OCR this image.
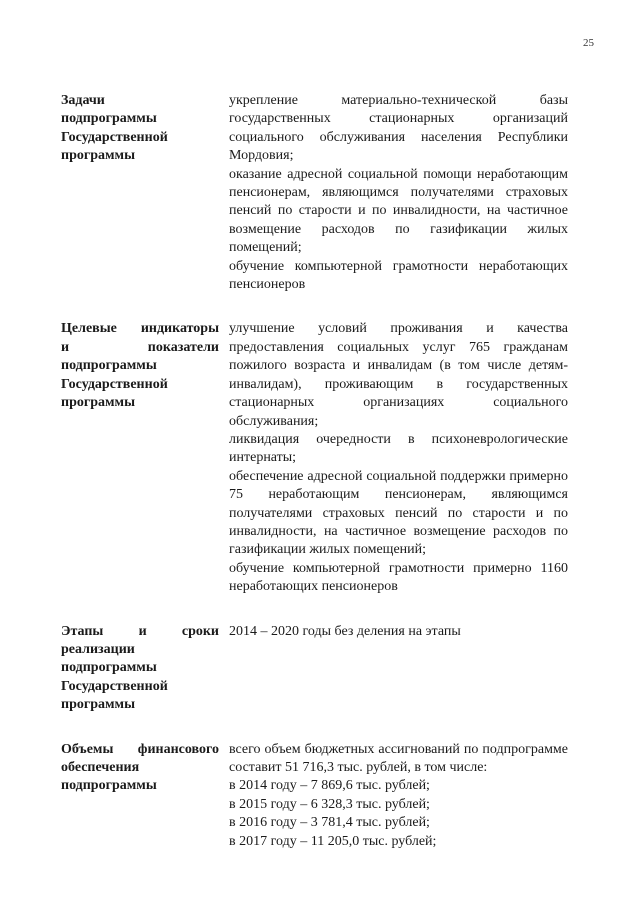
25
Задачи
подпрограммы
Государственной
программы

укрепление материально-технической базы государственных стационарных организаций социального обслуживания населения Республики Мордовия;

оказание адресной социальной помощи неработающим пенсионерам, являющимся получателями страховых пенсий по старости и по инвалидности, на частичное возмещение расходов по газификации жилых помещений;

обучение компьютерной грамотности неработающих пенсионеров

Целевые индикаторы
и показатели
подпрограммы
Государственной
программы

улучшение условий проживания и качества предоставления социальных услуг 765 гражданам пожилого возраста и инвалидам (в том числе детям-инвалидам), проживающим в государственных стационарных организациях социального обслуживания;

ликвидация очередности в психоневрологические интернаты;

обеспечение адресной социальной поддержки примерно 75 неработающим пенсионерам, являющимся получателями страховых пенсий по старости и по инвалидности, на частичное возмещение расходов по газификации жилых помещений;

обучение компьютерной грамотности примерно 1160 неработающих пенсионеров

Этапы и сроки
реализации
подпрограммы
Государственной
программы

2014 – 2020 годы без деления на этапы

Объемы финансового
обеспечения
подпрограммы

всего объем бюджетных ассигнований по подпрограмме составит 51 716,3 тыс. рублей, в том числе:

в 2014 году – 7 869,6 тыс. рублей;

в 2015 году – 6 328,3 тыс. рублей;

в 2016 году – 3 781,4 тыс. рублей;

в 2017 году – 11 205,0 тыс. рублей;
